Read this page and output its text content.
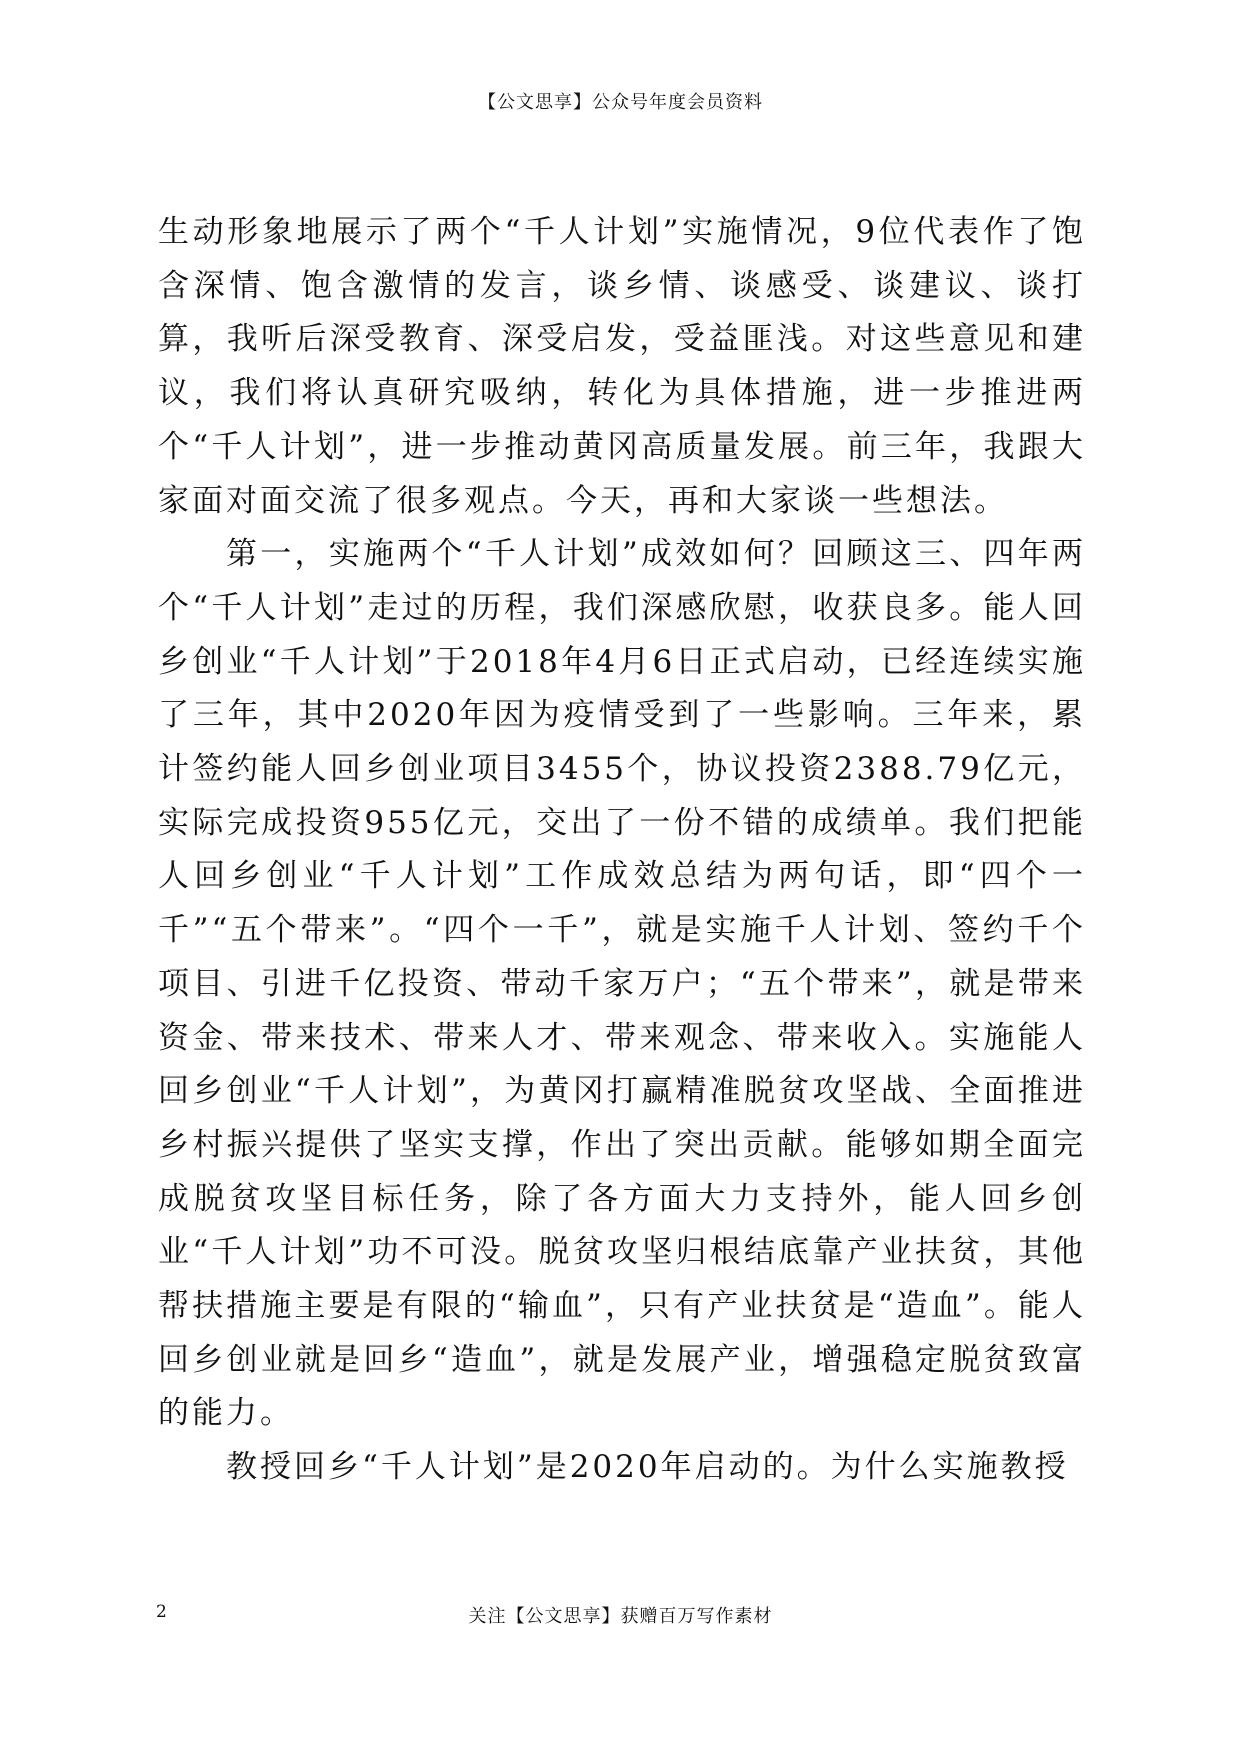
【公文思享】公众号年度会员资料

生动形象地展示了两个“千人计划”实施情况，9位代表作了饱含深情、饱含激情的发言，谈乡情、谈感受、谈建议、谈打算，我听后深受教育、深受启发，受益匪浅。对这些意见和建议，我们将认真研究吸纳，转化为具体措施，进一步推进两个“千人计划”，进一步推动黄冈高质量发展。前三年，我跟大家面对面交流了很多观点。今天，再和大家谈一些想法。

第一，实施两个“千人计划”成效如何？回顾这三、四年两个“千人计划”走过的历程，我们深感欣慰，收获良多。能人回乡创业“千人计划”于2018年4月6日正式启动，已经连续实施了三年，其中2020年因为疫情受到了一些影响。三年来，累计签约能人回乡创业项目3455个，协议投资2388.79亿元，实际完成投资955亿元，交出了一份不错的成绩单。我们把能人回乡创业“千人计划”工作成效总结为两句话，即“四个一千”“五个带来”。“四个一千”，就是实施千人计划、签约千个项目、引进千亿投资、带动千家万户；“五个带来”，就是带来资金、带来技术、带来人才、带来观念、带来收入。实施能人回乡创业“千人计划”，为黄冈打赢精准脱贫攻坚战、全面推进乡村振兴提供了坚实支撑，作出了突出贡献。能够如期全面完成脱贫攻坚目标任务，除了各方面大力支持外，能人回乡创业“千人计划”功不可没。脱贫攻坚归根结底靠产业扶贫，其他帮扶措施主要是有限的“输血”，只有产业扶贫是“造血”。能人回乡创业就是回乡“造血”，就是发展产业，增强稳定脱贫致富的能力。

教授回乡“千人计划”是2020年启动的。为什么实施教授

2	关注【公文思享】获赠百万写作素材
